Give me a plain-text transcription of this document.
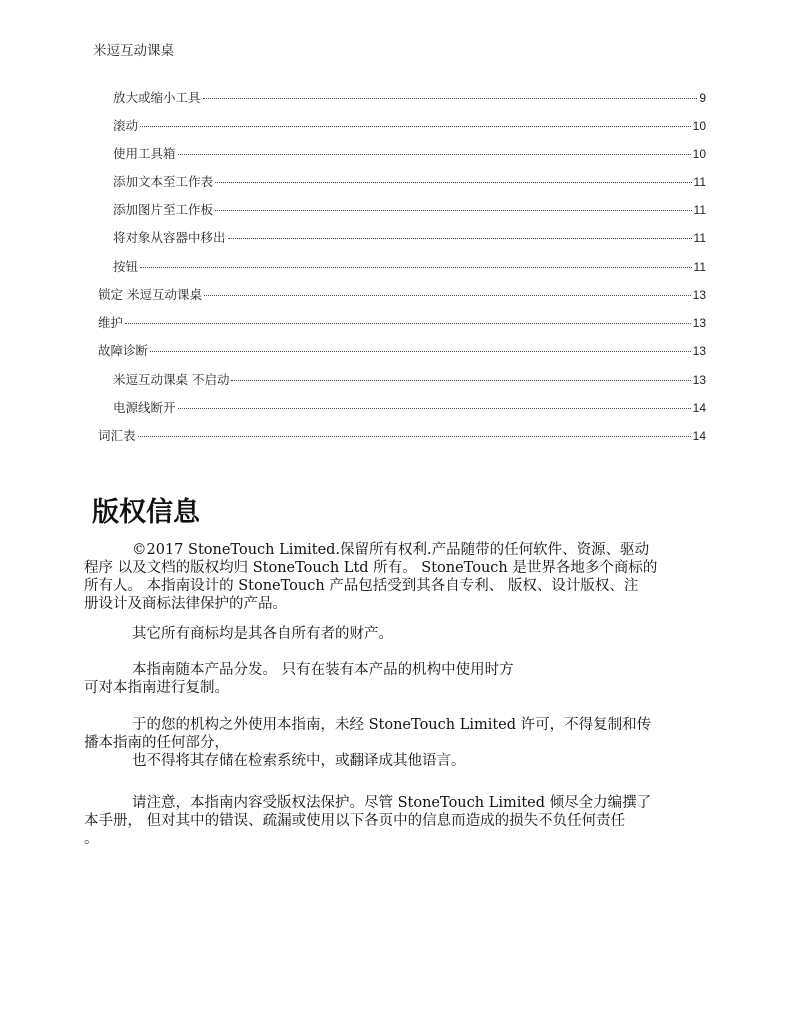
米逗互动课桌
放大或缩小工具	9
滚动	10
使用工具箱	10
添加文本至工作表	11
添加图片至工作板	11
将对象从容器中移出	11
按钮	11
锁定 米逗互动课桌	13
维护	13
故障诊断	13
米逗互动课桌 不启动	13
电源线断开	14
词汇表	14
版权信息
©2017 StoneTouch Limited.保留所有权利.产品随带的任何软件、资源、驱动
程序 以及文档的版权均归 StoneTouch Ltd 所有。 StoneTouch 是世界各地多个商标的
所有人。 本指南设计的 StoneTouch 产品包括受到其各自专利、 版权、设计版权、注
册设计及商标法律保护的产品。
其它所有商标均是其各自所有者的财产。
本指南随本产品分发。 只有在装有本产品的机构中使用时方
可对本指南进行复制。
于的您的机构之外使用本指南，未经 StoneTouch Limited 许可，不得复制和传
播本指南的任何部分，
也不得将其存储在检索系统中，或翻译成其他语言。
请注意，本指南内容受版权法保护。尽管 StoneTouch Limited 倾尽全力编撰了
本手册， 但对其中的错误、疏漏或使用以下各页中的信息而造成的损失不负任何责任
。
